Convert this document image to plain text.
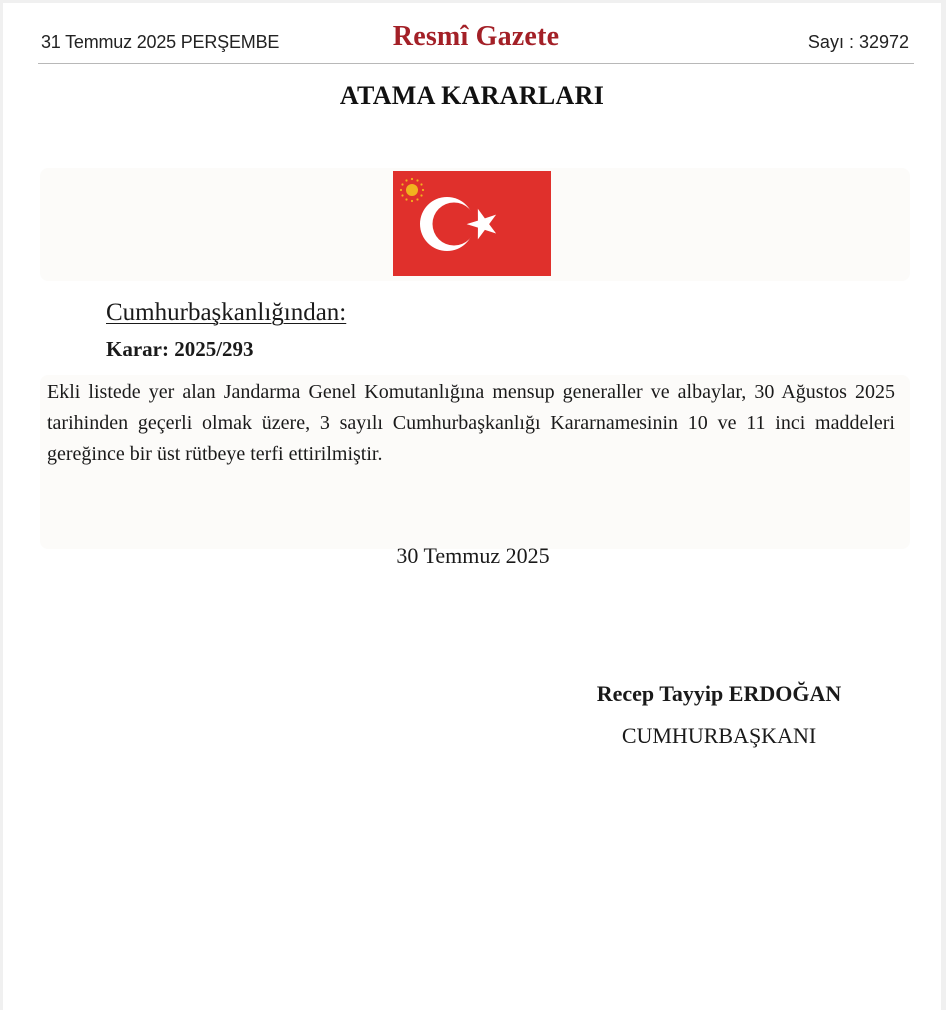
31 Temmuz 2025 PERŞEMBE	Resmî Gazete	Sayı : 32972
ATAMA KARARLARI
Cumhurbaşkanlığından:
Karar: 2025/293
Ekli listede yer alan Jandarma Genel Komutanlığına mensup generaller ve albaylar, 30 Ağustos 2025 tarihinden geçerli olmak üzere, 3 sayılı Cumhurbaşkanlığı Kararnamesinin 10 ve 11 inci maddeleri gereğince bir üst rütbeye terfi ettirilmiştir.
30 Temmuz 2025
Recep Tayyip ERDOĞAN
CUMHURBAŞKANI
